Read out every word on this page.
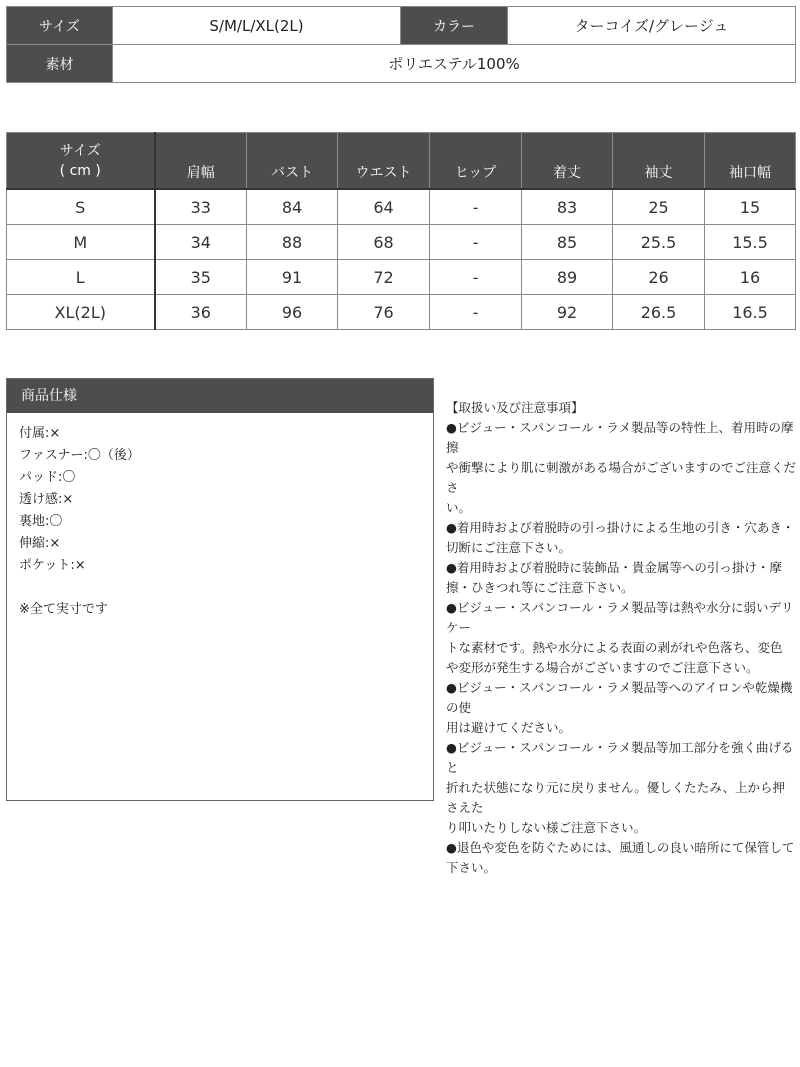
サイズ	S/M/L/XL(2L)	カラー	ターコイズ/グレージュ
素材	ポリエステル100%		
サイズ
( cm )	肩幅	バスト	ウエスト	ヒップ	着丈	袖丈	袖口幅
S	33	84	64	-	83	25	15
M	34	88	68	-	85	25.5	15.5
L	35	91	72	-	89	26	16
XL(2L)	36	96	76	-	92	26.5	16.5
商品仕様
付属:×
ファスナー:〇（後）
パッド:〇
透け感:×
裏地:〇
伸縮:×
ポケット:×
※全て実寸です
【取扱い及び注意事項】
●ビジュー・スパンコール・ラメ製品等の特性上、着用時の摩擦
や衝撃により肌に刺激がある場合がございますのでご注意くださ
い。
●着用時および着脱時の引っ掛けによる生地の引き・穴あき・
切断にご注意下さい。
●着用時および着脱時に装飾品・貴金属等への引っ掛け・摩
擦・ひきつれ等にご注意下さい。
●ビジュー・スパンコール・ラメ製品等は熱や水分に弱いデリケー
トな素材です。熱や水分による表面の剥がれや色落ち、変色
や変形が発生する場合がございますのでご注意下さい。
●ビジュー・スパンコール・ラメ製品等へのアイロンや乾燥機の使
用は避けてください。
●ビジュー・スパンコール・ラメ製品等加工部分を強く曲げると
折れた状態になり元に戻りません。優しくたたみ、上から押さえた
り叩いたりしない様ご注意下さい。
●退色や変色を防ぐためには、風通しの良い暗所にて保管して
下さい。
